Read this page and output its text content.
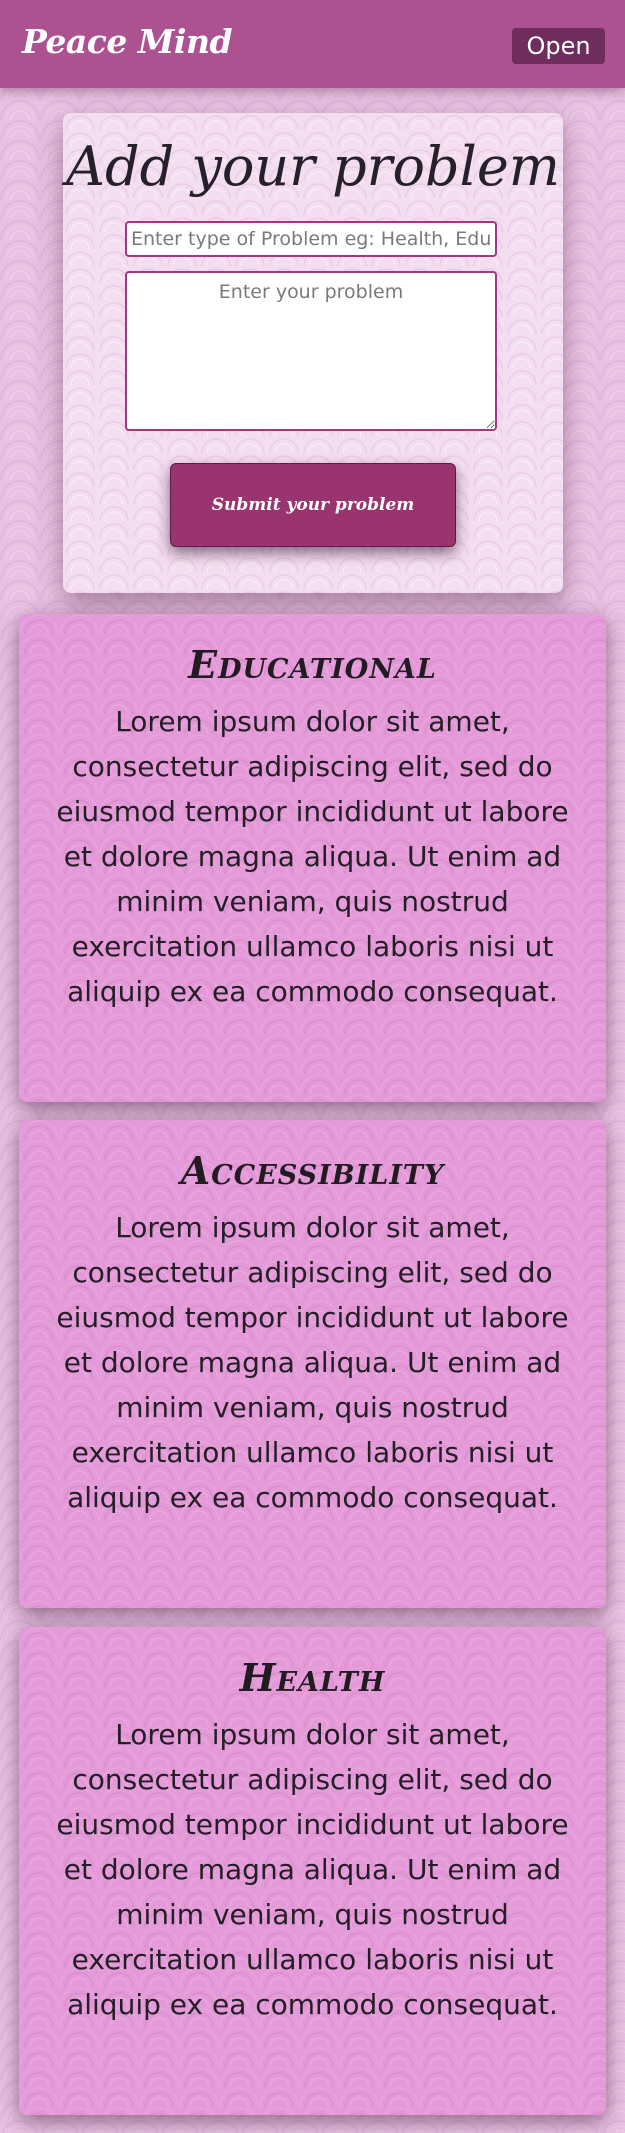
Peace Mind	Open
Add your problem
Enter type of Problem eg: Health, Education
Enter your problem
Submit your problem
Educational

Lorem ipsum dolor sit amet, consectetur adipiscing elit, sed do eiusmod tempor incididunt ut labore et dolore magna aliqua. Ut enim ad minim veniam, quis nostrud exercitation ullamco laboris nisi ut aliquip ex ea commodo consequat.

Accessibility

Lorem ipsum dolor sit amet, consectetur adipiscing elit, sed do eiusmod tempor incididunt ut labore et dolore magna aliqua. Ut enim ad minim veniam, quis nostrud exercitation ullamco laboris nisi ut aliquip ex ea commodo consequat.

Health

Lorem ipsum dolor sit amet, consectetur adipiscing elit, sed do eiusmod tempor incididunt ut labore et dolore magna aliqua. Ut enim ad minim veniam, quis nostrud exercitation ullamco laboris nisi ut aliquip ex ea commodo consequat.
